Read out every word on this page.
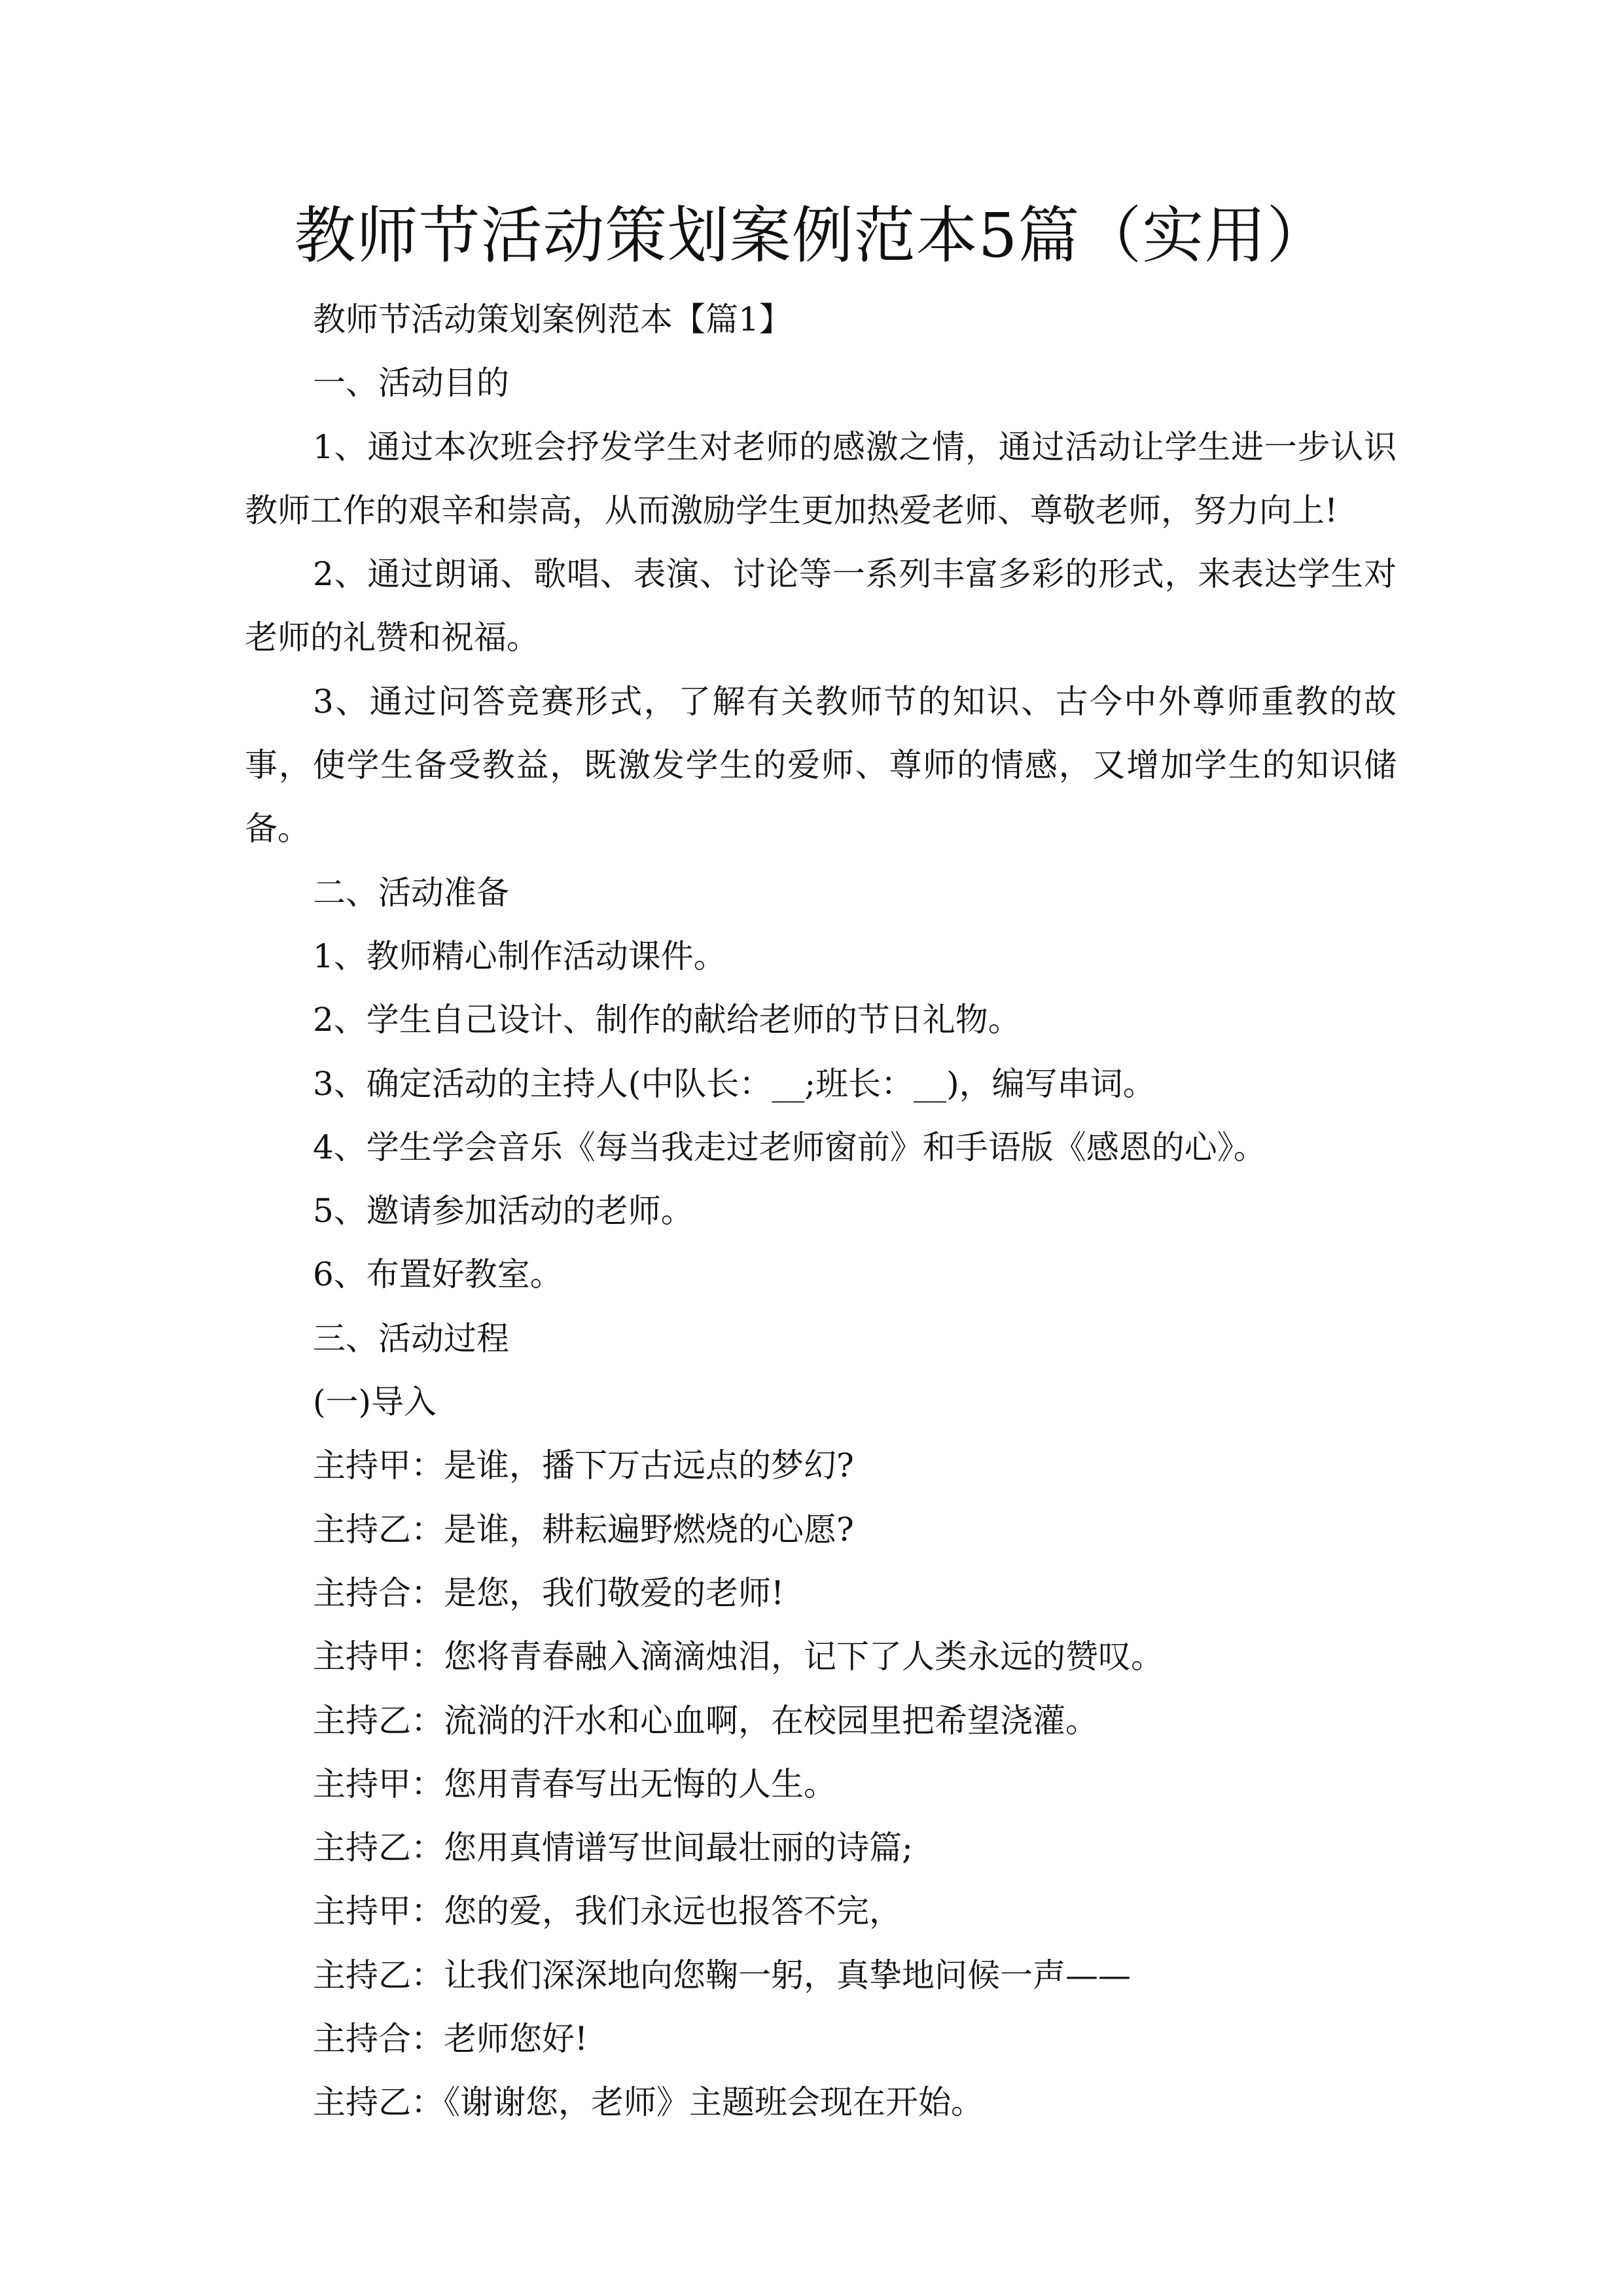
教师节活动策划案例范本5篇（实用）

教师节活动策划案例范本【篇1】

一、活动目的

1、通过本次班会抒发学生对老师的感激之情，通过活动让学生进一步认识教师工作的艰辛和崇高，从而激励学生更加热爱老师、尊敬老师，努力向上!

2、通过朗诵、歌唱、表演、讨论等一系列丰富多彩的形式，来表达学生对老师的礼赞和祝福。

3、通过问答竞赛形式，了解有关教师节的知识、古今中外尊师重教的故事，使学生备受教益，既激发学生的爱师、尊师的情感，又增加学生的知识储备。

二、活动准备

1、教师精心制作活动课件。

2、学生自己设计、制作的献给老师的节日礼物。

3、确定活动的主持人(中队长：__;班长：__)，编写串词。

4、学生学会音乐《每当我走过老师窗前》和手语版《感恩的心》。

5、邀请参加活动的老师。

6、布置好教室。

三、活动过程

(一)导入

主持甲：是谁，播下万古远点的梦幻?

主持乙：是谁，耕耘遍野燃烧的心愿?

主持合：是您，我们敬爱的老师!

主持甲：您将青春融入滴滴烛泪，记下了人类永远的赞叹。

主持乙：流淌的汗水和心血啊，在校园里把希望浇灌。

主持甲：您用青春写出无悔的人生。

主持乙：您用真情谱写世间最壮丽的诗篇;

主持甲：您的爱，我们永远也报答不完，

主持乙：让我们深深地向您鞠一躬，真挚地问候一声——

主持合：老师您好!

主持乙：《谢谢您，老师》主题班会现在开始。
